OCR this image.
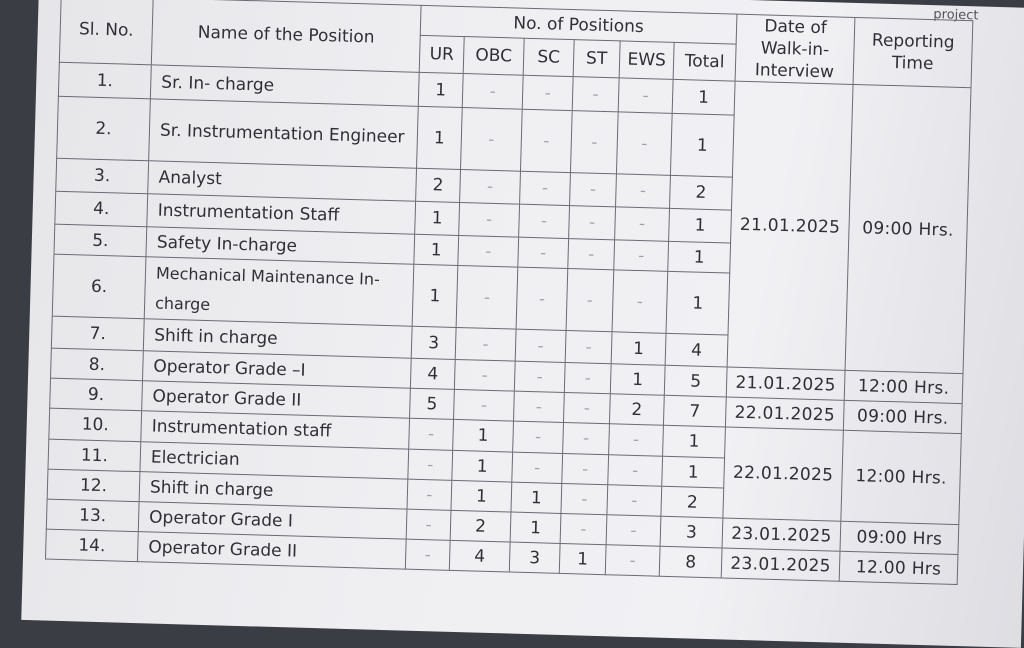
project
Sl. No.	Name of the Position	No. of Positions						Date of Walk-in-Interview	Reporting Time
		UR	OBC	SC	ST	EWS	Total		
1.	Sr. In- charge	1	-	-	-	-	1	21.01.2025	09:00 Hrs.
2.	Sr. Instrumentation Engineer	1	-	-	-	-	1		
3.	Analyst	2	-	-	-	-	2		
4.	Instrumentation Staff	1	-	-	-	-	1		
5.	Safety In-charge	1	-	-	-	-	1		
6.	Mechanical Maintenance In-charge	1	-	-	-	-	1		
7.	Shift in charge	3	-	-	-	1	4		
8.	Operator Grade –I	4	-	-	-	1	5	21.01.2025	12:00 Hrs.
9.	Operator Grade II	5	-	-	-	2	7	22.01.2025	09:00 Hrs.
10.	Instrumentation staff	-	1	-	-	-	1	22.01.2025	12:00 Hrs.
11.	Electrician	-	1	-	-	-	1		
12.	Shift in charge	-	1	1	-	-	2		
13.	Operator Grade I	-	2	1	-	-	3	23.01.2025	09:00 Hrs
14.	Operator Grade II	-	4	3	1	-	8	23.01.2025	12.00 Hrs
